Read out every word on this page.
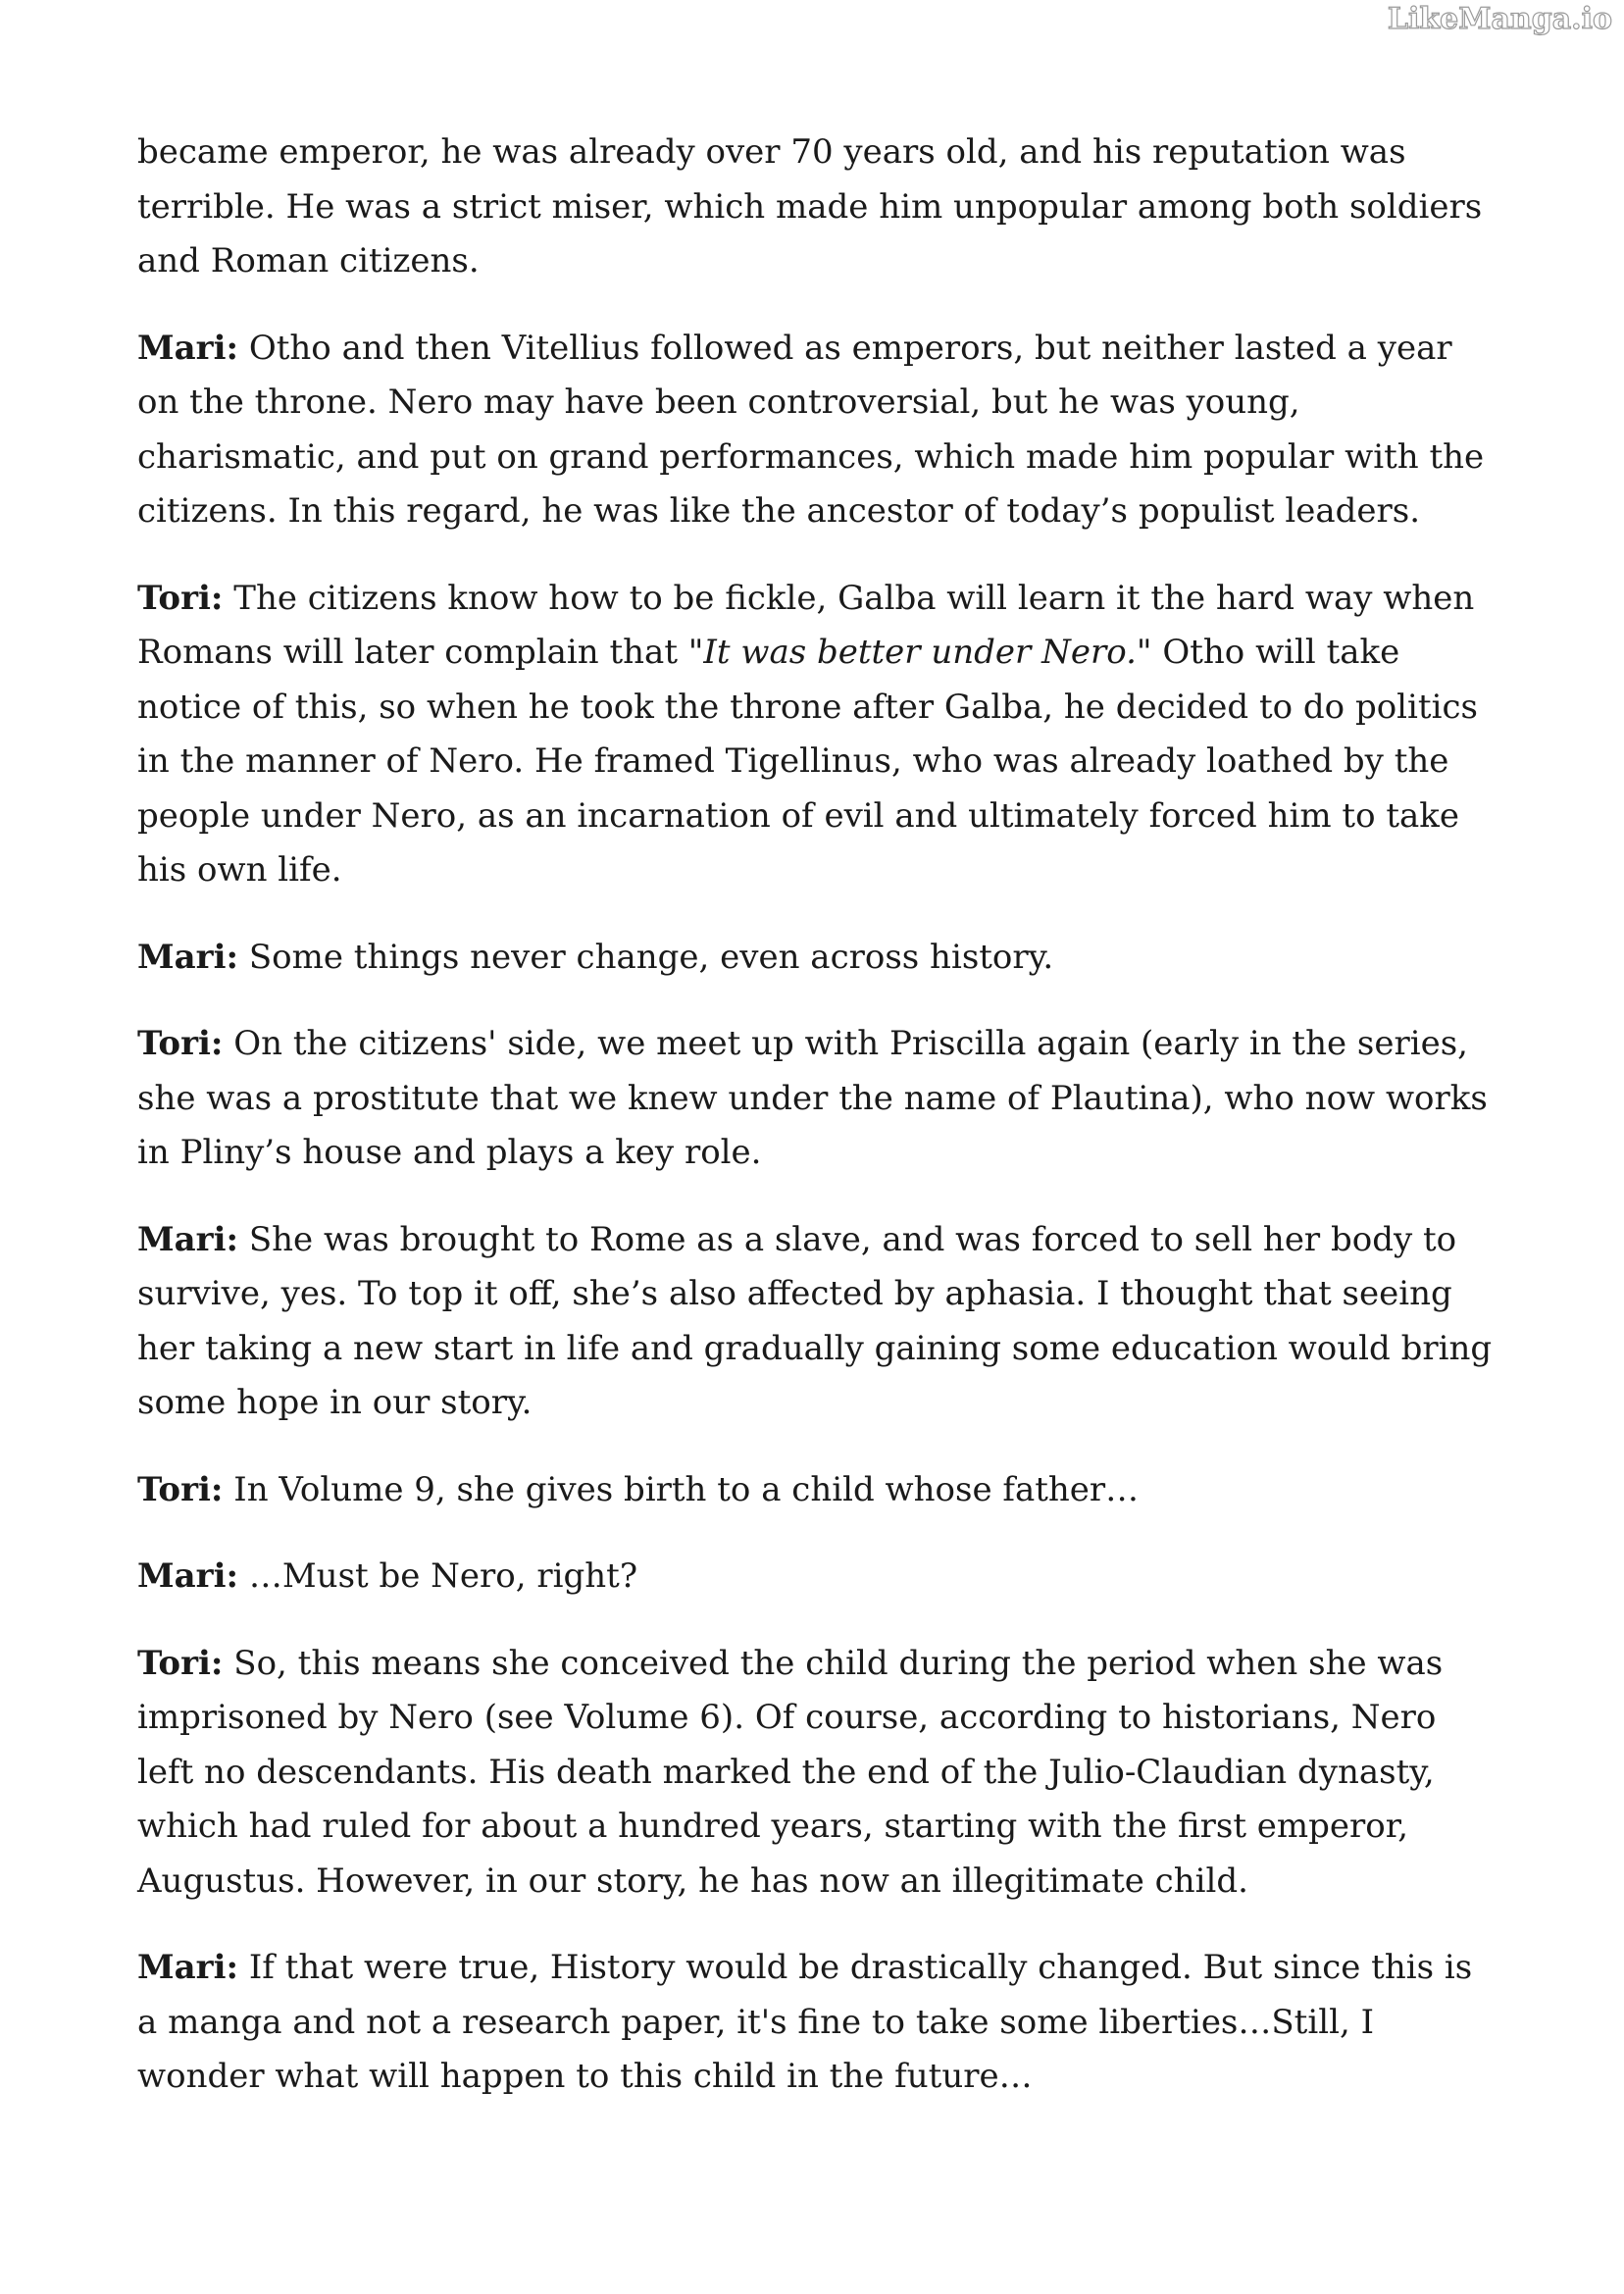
LikeManga.io

became emperor, he was already over 70 years old, and his reputation was terrible. He was a strict miser, which made him unpopular among both soldiers and Roman citizens.

Mari: Otho and then Vitellius followed as emperors, but neither lasted a year on the throne. Nero may have been controversial, but he was young, charismatic, and put on grand performances, which made him popular with the citizens. In this regard, he was like the ancestor of today’s populist leaders.

Tori: The citizens know how to be fickle, Galba will learn it the hard way when Romans will later complain that "It was better under Nero." Otho will take notice of this, so when he took the throne after Galba, he decided to do politics in the manner of Nero. He framed Tigellinus, who was already loathed by the people under Nero, as an incarnation of evil and ultimately forced him to take his own life.

Mari: Some things never change, even across history.

Tori: On the citizens' side, we meet up with Priscilla again (early in the series, she was a prostitute that we knew under the name of Plautina), who now works in Pliny’s house and plays a key role.

Mari: She was brought to Rome as a slave, and was forced to sell her body to survive, yes. To top it off, she’s also affected by aphasia. I thought that seeing her taking a new start in life and gradually gaining some education would bring some hope in our story.

Tori: In Volume 9, she gives birth to a child whose father…

Mari: …Must be Nero, right?

Tori: So, this means she conceived the child during the period when she was imprisoned by Nero (see Volume 6). Of course, according to historians, Nero left no descendants. His death marked the end of the Julio-Claudian dynasty, which had ruled for about a hundred years, starting with the first emperor, Augustus. However, in our story, he has now an illegitimate child.

Mari: If that were true, History would be drastically changed. But since this is a manga and not a research paper, it's fine to take some liberties…Still, I wonder what will happen to this child in the future…
